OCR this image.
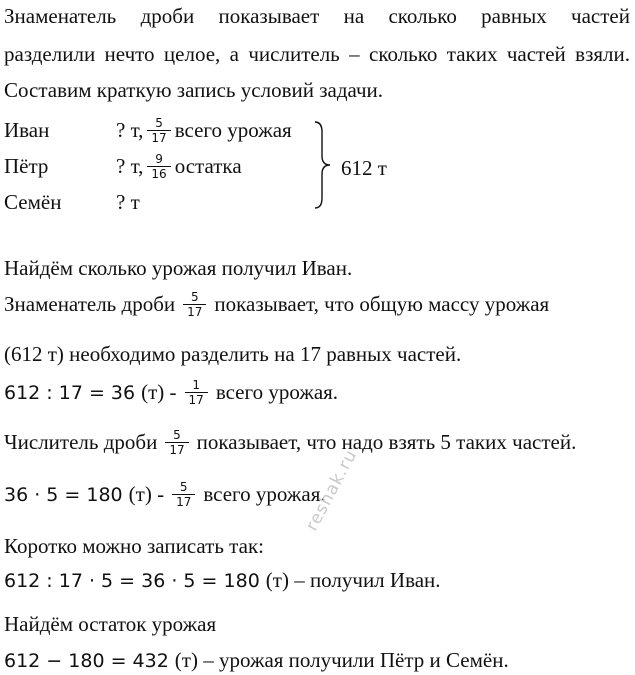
Знаменатель дроби показывает на сколько равных частей
разделили нечто целое, а числитель – сколько таких частей взяли.
Составим краткую запись условий задачи.
Иван	? т, $\frac{5}{17}$ всего урожая
Пётр	? т, $\frac{9}{16}$ остатка
Семён	? т
612 т
Найдём сколько урожая получил Иван.
Знаменатель дроби $\frac{5}{17}$ показывает, что общую массу урожая
(612 т) необходимо разделить на 17 равных частей.
612 : 17 = 36 $(т) - \frac{1}{17}$ всего урожая.
Числитель дроби $\frac{5}{17}$ показывает, что надо взять 5 таких частей.
36 · 5 = 180 $(т) - \frac{5}{17}$ всего урожая.
Коротко можно записать так:
612 : 17 · 5 = 36 · 5 = 180 (т) – получил Иван.
Найдём остаток урожая
612 − 180 = 432 (т) – урожая получили Пётр и Семён.
reshak.ru
